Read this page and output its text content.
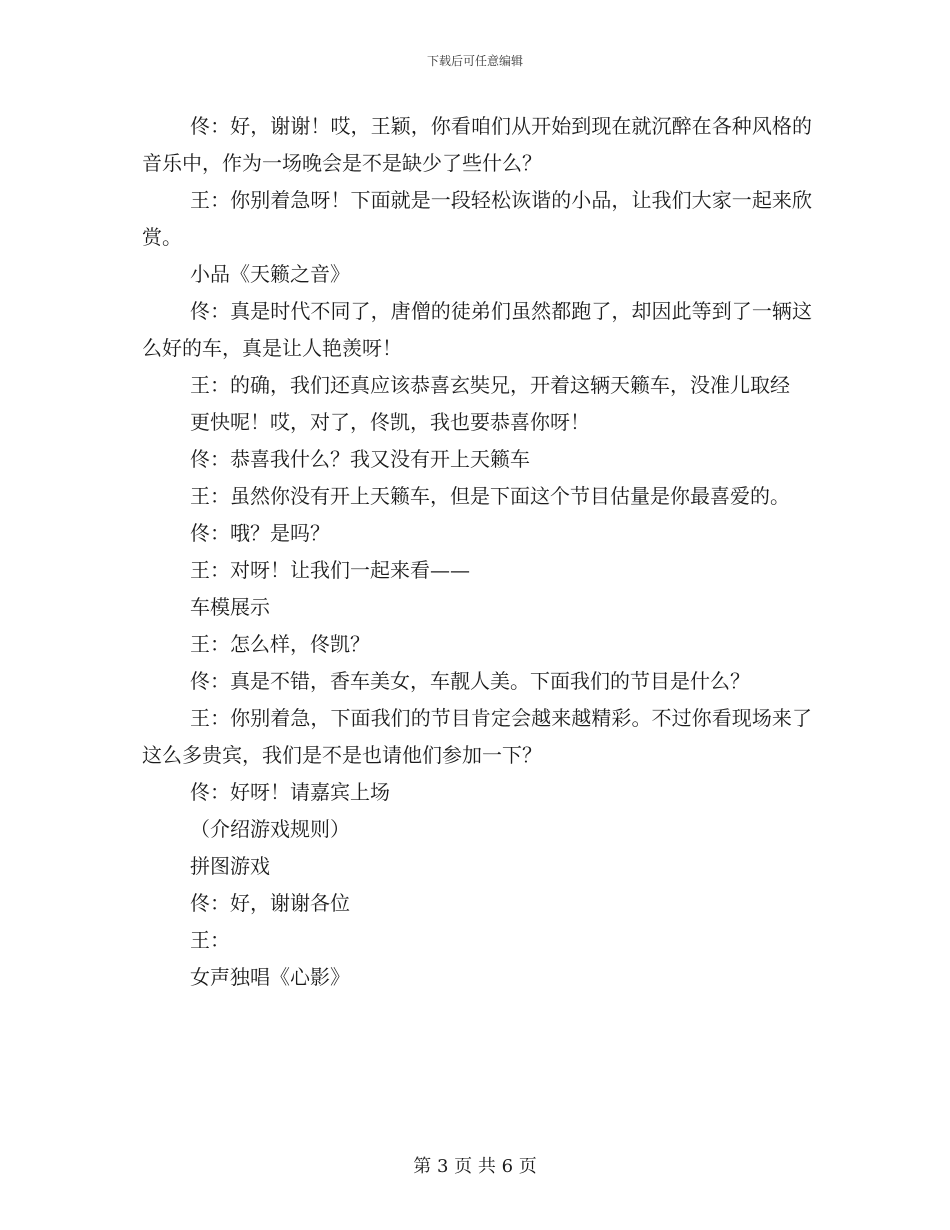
下载后可任意编辑

佟：好，谢谢！哎，王颖，你看咱们从开始到现在就沉醉在各种风格的音乐中，作为一场晚会是不是缺少了些什么？

王：你别着急呀！下面就是一段轻松诙谐的小品，让我们大家一起来欣赏。

小品《天籁之音》

佟：真是时代不同了，唐僧的徒弟们虽然都跑了，却因此等到了一辆这么好的车，真是让人艳羡呀！

王：的确，我们还真应该恭喜玄奘兄，开着这辆天籁车，没准儿取经

更快呢！哎，对了，佟凯，我也要恭喜你呀！

佟：恭喜我什么？我又没有开上天籁车

王：虽然你没有开上天籁车，但是下面这个节目估量是你最喜爱的。

佟：哦？是吗？

王：对呀！让我们一起来看——

车模展示

王：怎么样，佟凯？

佟：真是不错，香车美女，车靓人美。下面我们的节目是什么？

王：你别着急，下面我们的节目肯定会越来越精彩。不过你看现场来了这么多贵宾，我们是不是也请他们参加一下？

佟：好呀！请嘉宾上场

（介绍游戏规则）

拼图游戏

佟：好，谢谢各位

王：

女声独唱《心影》

第 3 页 共 6 页
